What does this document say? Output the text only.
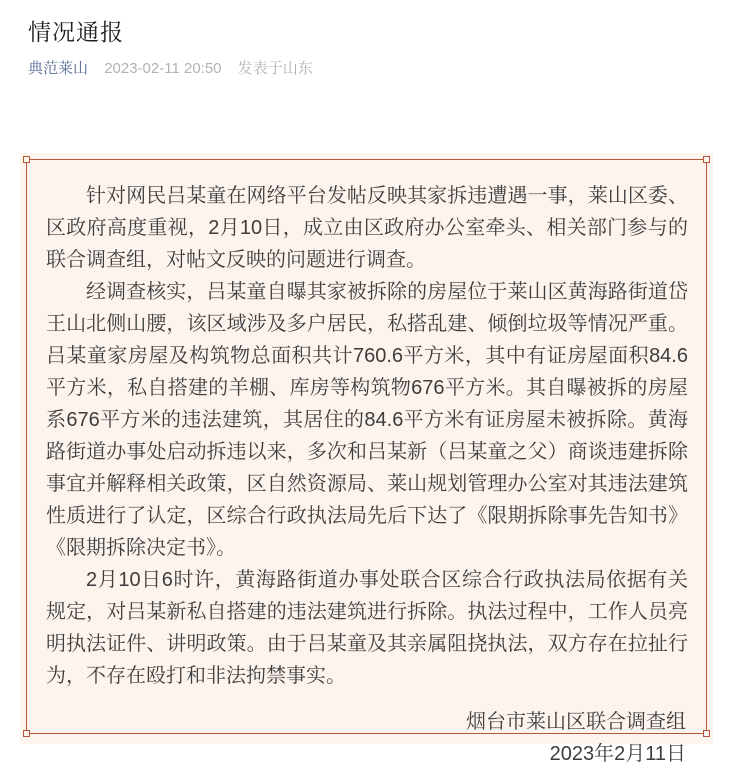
情况通报
典范莱山 2023-02-11 20:50 发表于山东

针对网民吕某童在网络平台发帖反映其家拆违遭遇一事，莱山区委、区政府高度重视，2月10日，成立由区政府办公室牵头、相关部门参与的联合调查组，对帖文反映的问题进行调查。

经调查核实，吕某童自曝其家被拆除的房屋位于莱山区黄海路街道岱王山北侧山腰，该区域涉及多户居民，私搭乱建、倾倒垃圾等情况严重。吕某童家房屋及构筑物总面积共计760.6平方米，其中有证房屋面积84.6平方米，私自搭建的羊棚、库房等构筑物676平方米。其自曝被拆的房屋系676平方米的违法建筑，其居住的84.6平方米有证房屋未被拆除。黄海路街道办事处启动拆违以来，多次和吕某新（吕某童之父）商谈违建拆除事宜并解释相关政策，区自然资源局、莱山规划管理办公室对其违法建筑性质进行了认定，区综合行政执法局先后下达了《限期拆除事先告知书》《限期拆除决定书》。

2月10日6时许，黄海路街道办事处联合区综合行政执法局依据有关规定，对吕某新私自搭建的违法建筑进行拆除。执法过程中，工作人员亮明执法证件、讲明政策。由于吕某童及其亲属阻挠执法，双方存在拉扯行为，不存在殴打和非法拘禁事实。

烟台市莱山区联合调查组

2023年2月11日
